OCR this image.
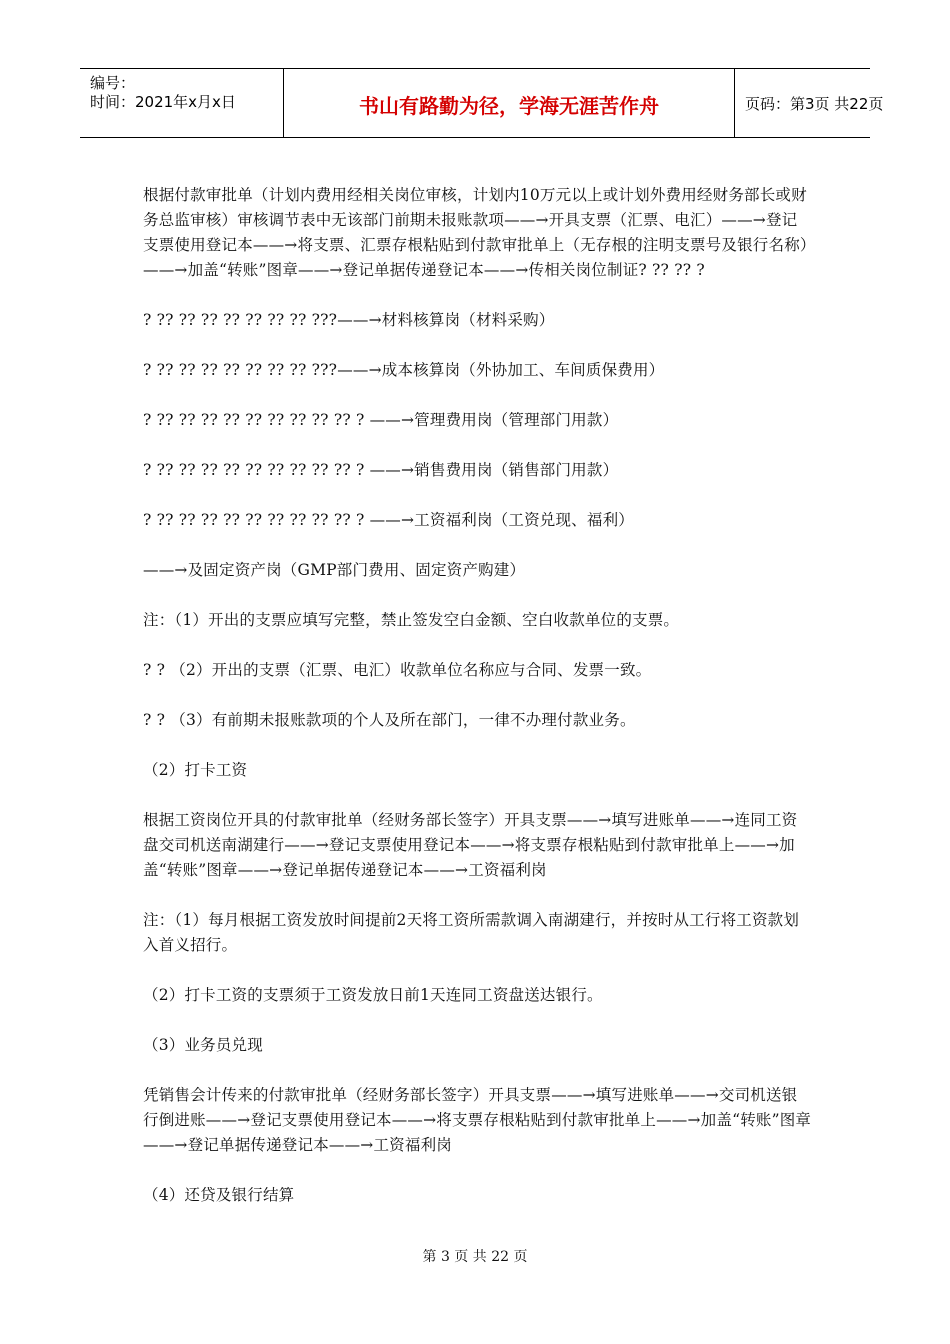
编号：
时间：2021年x月x日	书山有路勤为径，学海无涯苦作舟	页码：第3页 共22页

根据付款审批单（计划内费用经相关岗位审核，计划内10万元以上或计划外费用经财务部长或财务总监审核）审核调节表中无该部门前期未报账款项——→开具支票（汇票、电汇）——→登记支票使用登记本——→将支票、汇票存根粘贴到付款审批单上（无存根的注明支票号及银行名称）——→加盖“转账”图章——→登记单据传递登记本——→传相关岗位制证? ?? ?? ?

? ?? ?? ?? ?? ?? ?? ?? ???——→材料核算岗（材料采购）

? ?? ?? ?? ?? ?? ?? ?? ???——→成本核算岗（外协加工、车间质保费用）

? ?? ?? ?? ?? ?? ?? ?? ?? ?? ? ——→管理费用岗（管理部门用款）

? ?? ?? ?? ?? ?? ?? ?? ?? ?? ? ——→销售费用岗（销售部门用款）

? ?? ?? ?? ?? ?? ?? ?? ?? ?? ? ——→工资福利岗（工资兑现、福利）

——→及固定资产岗（GMP部门费用、固定资产购建）

注：（1）开出的支票应填写完整，禁止签发空白金额、空白收款单位的支票。

? ? （2）开出的支票（汇票、电汇）收款单位名称应与合同、发票一致。

? ? （3）有前期未报账款项的个人及所在部门，一律不办理付款业务。

（2）打卡工资

根据工资岗位开具的付款审批单（经财务部长签字）开具支票——→填写进账单——→连同工资盘交司机送南湖建行——→登记支票使用登记本——→将支票存根粘贴到付款审批单上——→加盖“转账”图章——→登记单据传递登记本——→工资福利岗

注：（1）每月根据工资发放时间提前2天将工资所需款调入南湖建行，并按时从工行将工资款划入首义招行。

（2）打卡工资的支票须于工资发放日前1天连同工资盘送达银行。

（3）业务员兑现

凭销售会计传来的付款审批单（经财务部长签字）开具支票——→填写进账单——→交司机送银行倒进账——→登记支票使用登记本——→将支票存根粘贴到付款审批单上——→加盖“转账”图章——→登记单据传递登记本——→工资福利岗

（4）还贷及银行结算

第 3 页 共 22 页
